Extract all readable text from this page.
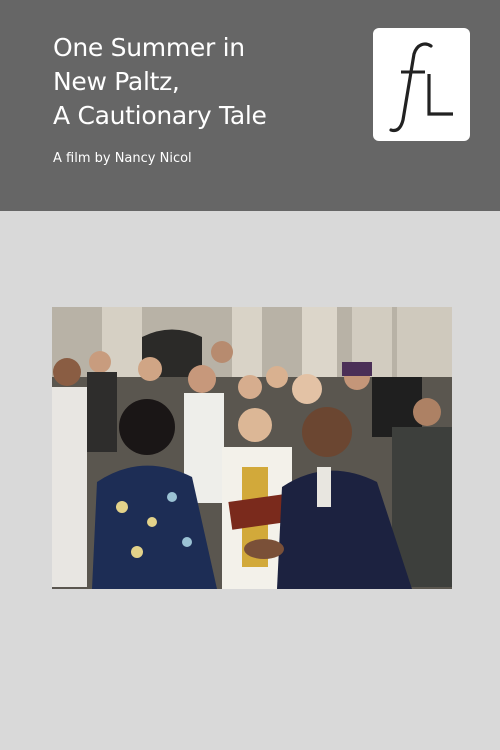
One Summer in
New Paltz,
A Cautionary Tale
A film by Nancy Nicol
